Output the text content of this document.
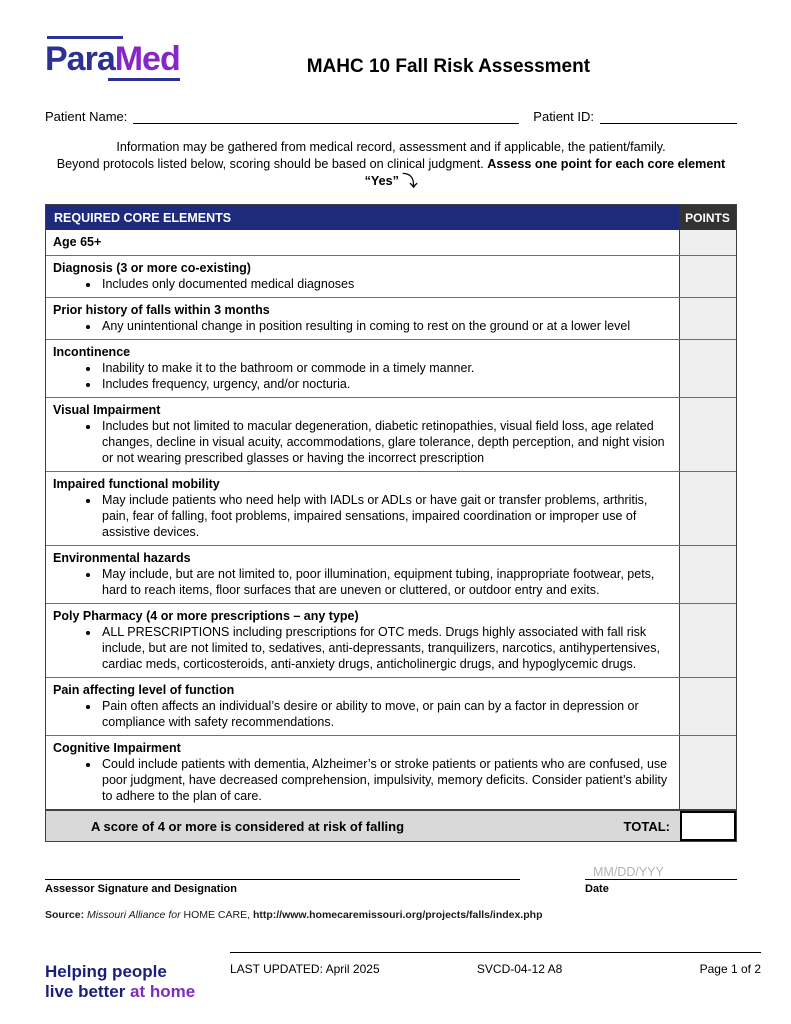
ParaMed	MAHC 10 Fall Risk Assessment
Patient Name:	Patient ID:
Information may be gathered from medical record, assessment and if applicable, the patient/family.
Beyond protocols listed below, scoring should be based on clinical judgment. Assess one point for each core element “Yes” ⤵
REQUIRED CORE ELEMENTS	POINTS
Age 65+
Diagnosis (3 or more co-existing)
• Includes only documented medical diagnoses
Prior history of falls within 3 months
• Any unintentional change in position resulting in coming to rest on the ground or at a lower level
Incontinence
• Inability to make it to the bathroom or commode in a timely manner.
• Includes frequency, urgency, and/or nocturia.
Visual Impairment
• Includes but not limited to macular degeneration, diabetic retinopathies, visual field loss, age related changes, decline in visual acuity, accommodations, glare tolerance, depth perception, and night vision or not wearing prescribed glasses or having the incorrect prescription
Impaired functional mobility
• May include patients who need help with IADLs or ADLs or have gait or transfer problems, arthritis, pain, fear of falling, foot problems, impaired sensations, impaired coordination or improper use of assistive devices.
Environmental hazards
• May include, but are not limited to, poor illumination, equipment tubing, inappropriate footwear, pets, hard to reach items, floor surfaces that are uneven or cluttered, or outdoor entry and exits.
Poly Pharmacy (4 or more prescriptions – any type)
• ALL PRESCRIPTIONS including prescriptions for OTC meds. Drugs highly associated with fall risk include, but are not limited to, sedatives, anti-depressants, tranquilizers, narcotics, antihypertensives, cardiac meds, corticosteroids, anti-anxiety drugs, anticholinergic drugs, and hypoglycemic drugs.
Pain affecting level of function
• Pain often affects an individual’s desire or ability to move, or pain can by a factor in depression or compliance with safety recommendations.
Cognitive Impairment
• Could include patients with dementia, Alzheimer’s or stroke patients or patients who are confused, use poor judgment, have decreased comprehension, impulsivity, memory deficits. Consider patient’s ability to adhere to the plan of care.
A score of 4 or more is considered at risk of falling	TOTAL:
Assessor Signature and Designation
MM/DD/YYY
Date
Source: Missouri Alliance for HOME CARE, http://www.homecaremissouri.org/projects/falls/index.php
Helping people
live better at home
LAST UPDATED: April 2025	SVCD-04-12 A8	Page 1 of 2
